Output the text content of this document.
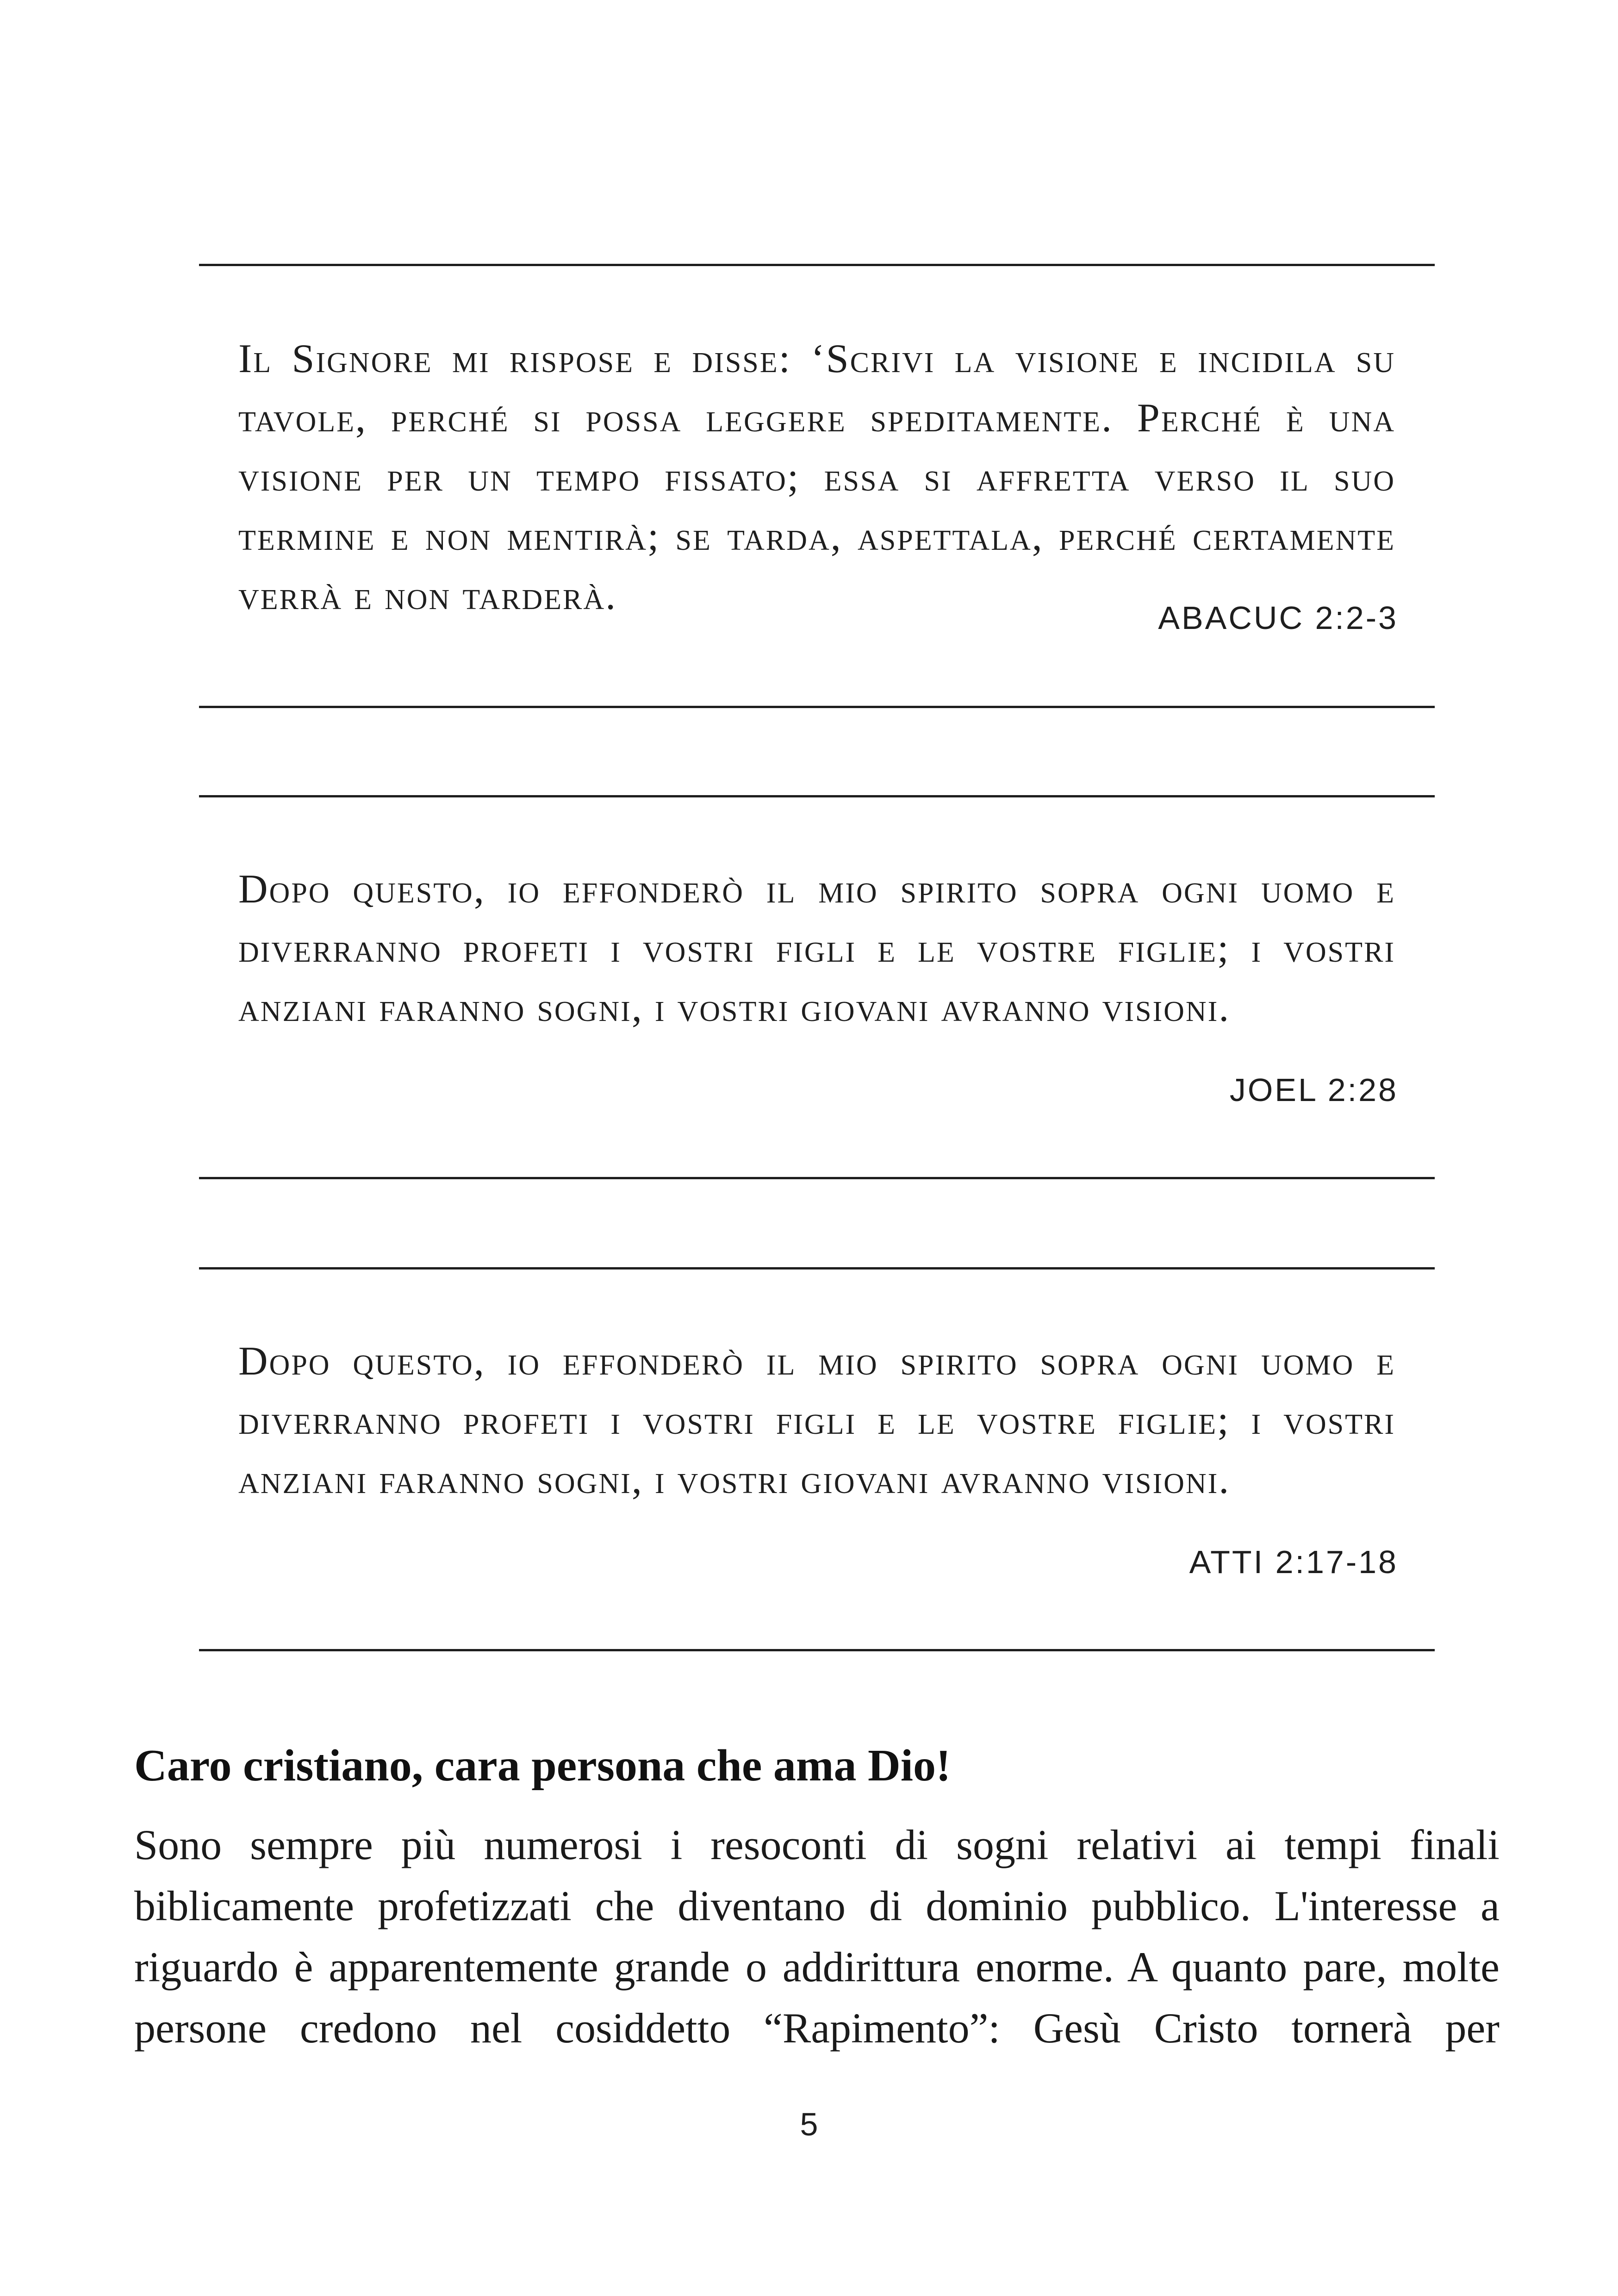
Il Signore mi rispose e disse: ‘Scrivi la visione e incidila su tavole, perché si possa leggere speditamente. Perché è una visione per un tempo fissato; essa si affretta verso il suo termine e non mentirà; se tarda, aspettala, perché certamente verrà e non tarderà.	ABACUC 2:2-3

Dopo questo, io effonderò il mio spirito sopra ogni uomo e diverranno profeti i vostri figli e le vostre figlie; i vostri anziani faranno sogni, i vostri giovani avranno visioni.

JOEL 2:28

Dopo questo, io effonderò il mio spirito sopra ogni uomo e diverranno profeti i vostri figli e le vostre figlie; i vostri anziani faranno sogni, i vostri giovani avranno visioni.

ATTI 2:17-18
Caro cristiano, cara persona che ama Dio!

Sono sempre più numerosi i resoconti di sogni relativi ai tempi finali biblicamente profetizzati che diventano di dominio pubblico. L'interesse a riguardo è apparentemente grande o addirittura enorme. A quanto pare, molte persone credono nel cosiddetto “Rapimento”: Gesù Cristo tornerà per

5
